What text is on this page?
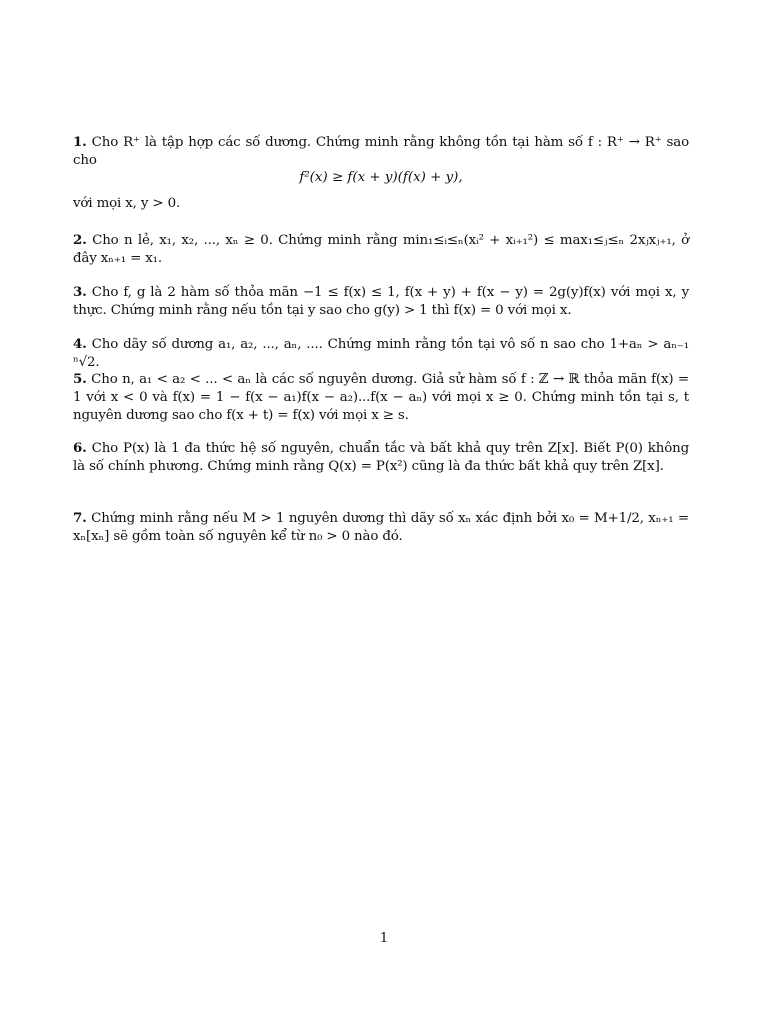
1. Cho R⁺ là tập hợp các số dương. Chứng minh rằng không tồn tại hàm số f : R⁺ → R⁺ sao cho
f²(x) ≥ f(x + y)(f(x) + y),
với mọi x, y > 0.
2. Cho n lẻ, x₁, x₂, ..., xₙ ≥ 0. Chứng minh rằng min₁≤ᵢ≤ₙ(xᵢ² + xᵢ₊₁²) ≤ max₁≤ⱼ≤ₙ 2xⱼxⱼ₊₁, ở đây xₙ₊₁ = x₁.
3. Cho f, g là 2 hàm số thỏa mãn −1 ≤ f(x) ≤ 1, f(x + y) + f(x − y) = 2g(y)f(x) với mọi x, y thực. Chứng minh rằng nếu tồn tại y sao cho g(y) > 1 thì f(x) = 0 với mọi x.
4. Cho dãy số dương a₁, a₂, ..., aₙ, .... Chứng minh rằng tồn tại vô số n sao cho 1+aₙ > aₙ₋₁ ⁿ√2.
5. Cho n, a₁ < a₂ < ... < aₙ là các số nguyên dương. Giả sử hàm số f : ℤ → ℝ thỏa mãn f(x) = 1 với x < 0 và f(x) = 1 − f(x − a₁)f(x − a₂)...f(x − aₙ) với mọi x ≥ 0. Chứng minh tồn tại s, t nguyên dương sao cho f(x + t) = f(x) với mọi x ≥ s.
6. Cho P(x) là 1 đa thức hệ số nguyên, chuẩn tắc và bất khả quy trên Z[x]. Biết P(0) không là số chính phương. Chứng minh rằng Q(x) = P(x²) cũng là đa thức bất khả quy trên Z[x].
7. Chứng minh rằng nếu M > 1 nguyên dương thì dãy số xₙ xác định bởi x₀ = M+1/2, xₙ₊₁ = xₙ[xₙ] sẽ gồm toàn số nguyên kể từ n₀ > 0 nào đó.
1
